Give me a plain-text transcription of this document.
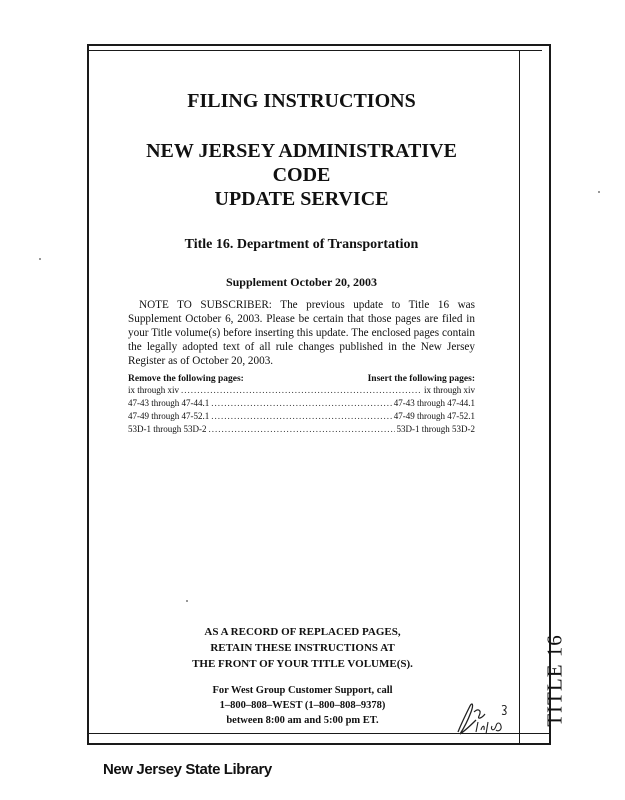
TITLE 16

FILING INSTRUCTIONS

NEW JERSEY ADMINISTRATIVE CODE

UPDATE SERVICE

Title 16. Department of Transportation

Supplement October 20, 2003

NOTE TO SUBSCRIBER: The previous update to Title 16 was Supplement October 6, 2003. Please be certain that those pages are filed in your Title volume(s) before inserting this update. The enclosed pages contain the legally adopted text of all rule changes published in the New Jersey Register as of October 20, 2003.

Remove the following pages:	Insert the following pages:
ix through xiv .....	ix through xiv
47-43 through 47-44.1 .....	47-43 through 47-44.1
47-49 through 47-52.1 .....	47-49 through 47-52.1
53D-1 through 53D-2 .....	53D-1 through 53D-2
AS A RECORD OF REPLACED PAGES,
RETAIN THESE INSTRUCTIONS AT
THE FRONT OF YOUR TITLE VOLUME(S).
For West Group Customer Support, call
1–800–808–WEST (1–800–808–9378)
between 8:00 am and 5:00 pm ET.
New Jersey State Library
